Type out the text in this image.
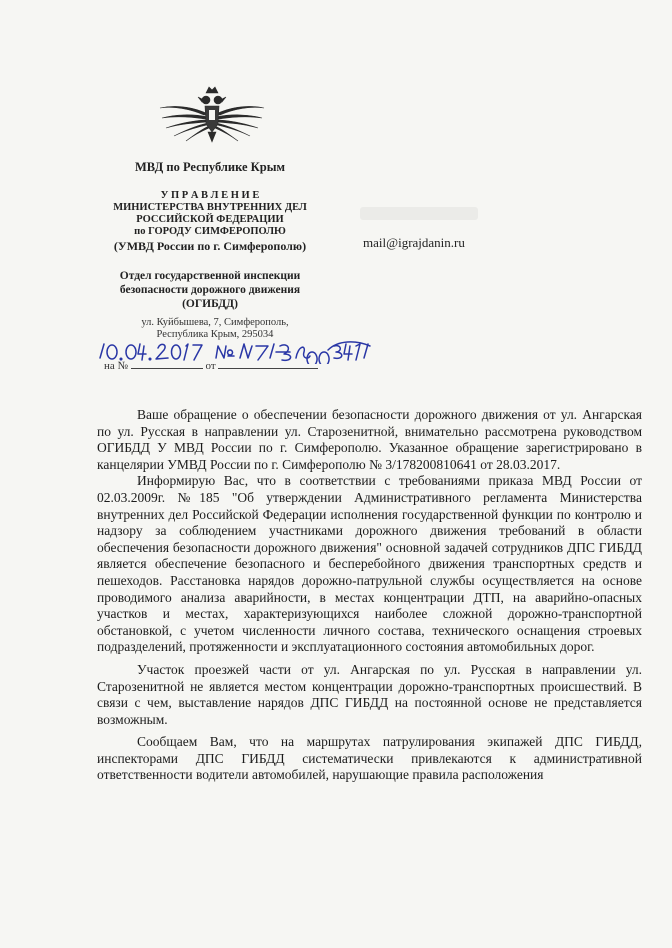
МВД по Республике Крым
У П Р А В Л Е Н И Е
МИНИСТЕРСТВА ВНУТРЕННИХ ДЕЛ
РОССИЙСКОЙ ФЕДЕРАЦИИ
по ГОРОДУ СИМФЕРОПОЛЮ
(УМВД России по г. Симферополю)
Отдел государственной инспекции
безопасности дорожного движения
(ОГИБДД)
ул. Куйбышева, 7, Симферополь,
Республика Крым, 295034
на №	от
mail@igrajdanin.ru

Ваше обращение о обеспечении безопасности дорожного движения от ул. Ангарская по ул. Русская в направлении ул. Старозенитной, внимательно рассмотрена руководством ОГИБДД У МВД России по г. Симферополю. Указанное обращение зарегистрировано в канцелярии УМВД России по г. Симферополю № 3/178200810641 от 28.03.2017.

Информирую Вас, что в соответствии с требованиями приказа МВД России от 02.03.2009г. №185 "Об утверждении Административного регламента Министерства внутренних дел Российской Федерации исполнения государственной функции по контролю и надзору за соблюдением участниками дорожного движения требований в области обеспечения безопасности дорожного движения" основной задачей сотрудников ДПС ГИБДД является обеспечение безопасного и бесперебойного движения транспортных средств и пешеходов. Расстановка нарядов дорожно-патрульной службы осуществляется на основе проводимого анализа аварийности, в местах концентрации ДТП, на аварийно-опасных участков и местах, характеризующихся наиболее сложной дорожно-транспортной обстановкой, с учетом численности личного состава, технического оснащения строевых подразделений, протяженности и эксплуатационного состояния автомобильных дорог.

Участок проезжей части от ул. Ангарская по ул. Русская в направлении ул. Старозенитной не является местом концентрации дорожно-транспортных происшествий. В связи с чем, выставление нарядов ДПС ГИБДД на постоянной основе не представляется возможным.

Сообщаем Вам, что на маршрутах патрулирования экипажей ДПС ГИБДД, инспекторами ДПС ГИБДД систематически привлекаются к административной ответственности водители автомобилей, нарушающие правила расположения
